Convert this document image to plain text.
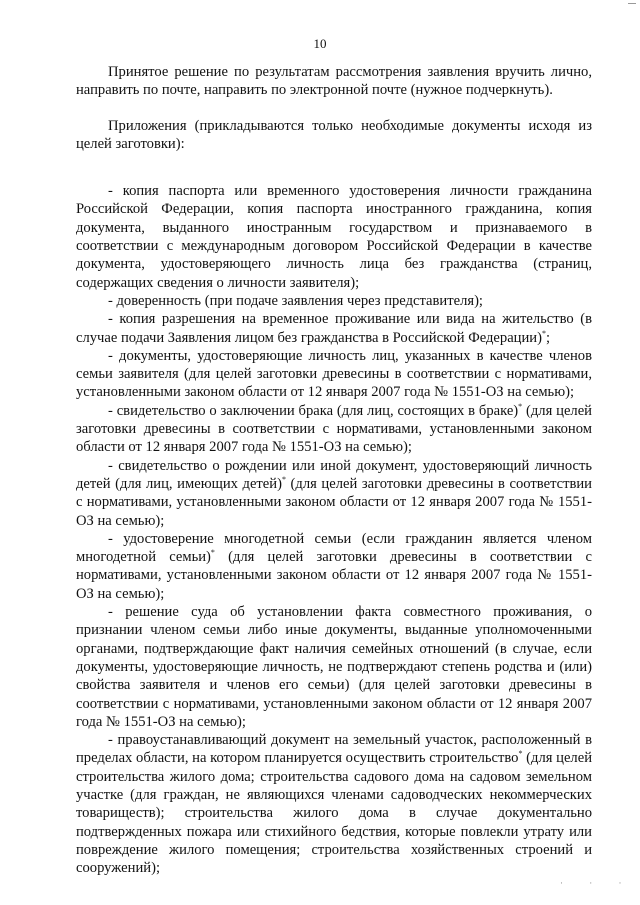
10

Принятое решение по результатам рассмотрения заявления вручить лично, направить по почте, направить по электронной почте (нужное подчеркнуть).

Приложения (прикладываются только необходимые документы исходя из целей заготовки):

- копия паспорта или временного удостоверения личности гражданина Российской Федерации, копия паспорта иностранного гражданина, копия документа, выданного иностранным государством и признаваемого в соответствии с международным договором Российской Федерации в качестве документа, удостоверяющего личность лица без гражданства (страниц, содержащих сведения о личности заявителя);

- доверенность (при подаче заявления через представителя);

- копия разрешения на временное проживание или вида на жительство (в случае подачи Заявления лицом без гражданства в Российской Федерации)*;

- документы, удостоверяющие личность лиц, указанных в качестве членов семьи заявителя (для целей заготовки древесины в соответствии с нормативами, установленными законом области от 12 января 2007 года № 1551-ОЗ на семью);

- свидетельство о заключении брака (для лиц, состоящих в браке)* (для целей заготовки древесины в соответствии с нормативами, установленными законом области от 12 января 2007 года № 1551-ОЗ на семью);

- свидетельство о рождении или иной документ, удостоверяющий личность детей (для лиц, имеющих детей)* (для целей заготовки древесины в соответствии с нормативами, установленными законом области от 12 января 2007 года № 1551-ОЗ на семью);

- удостоверение многодетной семьи (если гражданин является членом многодетной семьи)* (для целей заготовки древесины в соответствии с нормативами, установленными законом области от 12 января 2007 года № 1551-ОЗ на семью);

- решение суда об установлении факта совместного проживания, о признании членом семьи либо иные документы, выданные уполномоченными органами, подтверждающие факт наличия семейных отношений (в случае, если документы, удостоверяющие личность, не подтверждают степень родства и (или) свойства заявителя и членов его семьи) (для целей заготовки древесины в соответствии с нормативами, установленными законом области от 12 января 2007 года № 1551-ОЗ на семью);

- правоустанавливающий документ на земельный участок, расположенный в пределах области, на котором планируется осуществить строительство* (для целей строительства жилого дома; строительства садового дома на садовом земельном участке (для граждан, не являющихся членами садоводческих некоммерческих товариществ); строительства жилого дома в случае документально подтвержденных пожара или стихийного бедствия, которые повлекли утрату или повреждение жилого помещения; строительства хозяйственных строений и сооружений);

· · ·
